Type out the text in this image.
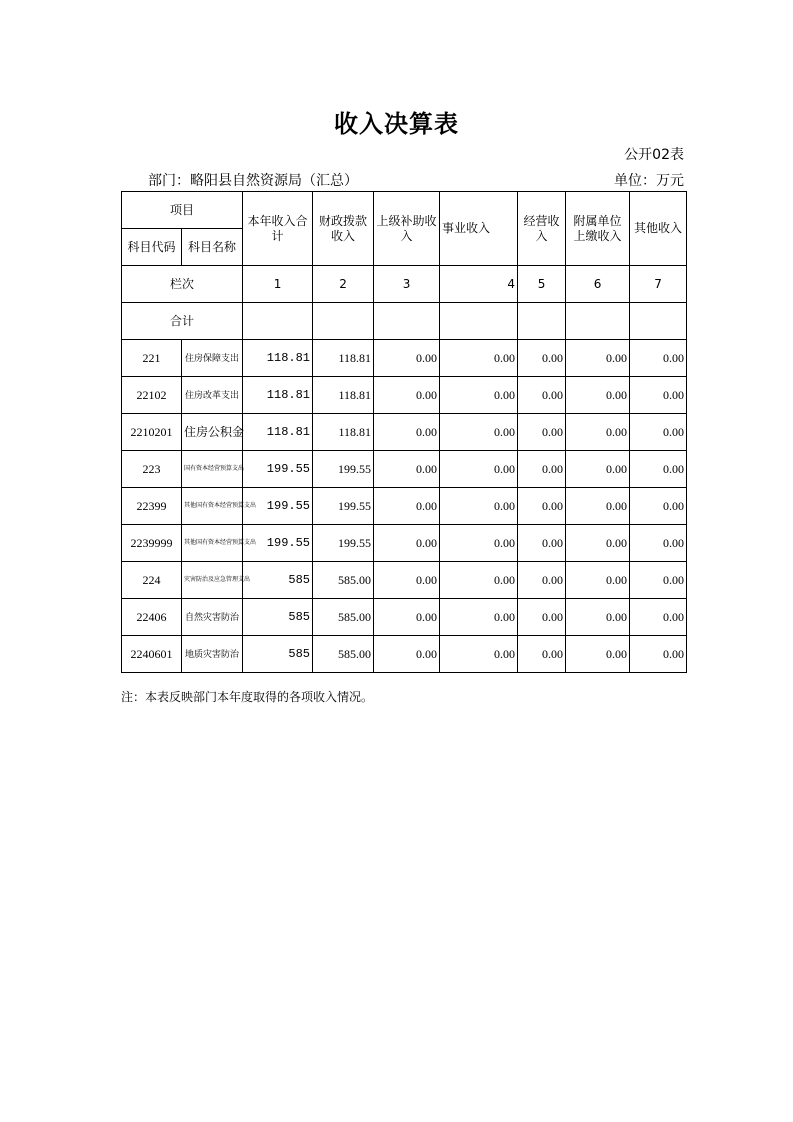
收入决算表
公开02表
部门：略阳县自然资源局（汇总）	单位：万元
项目		本年收入合计	财政拨款收入	上级补助收入	事业收入	经营收入	附属单位上缴收入	其他收入
科目代码	科目名称							
栏次		1	2	3	4	5	6	7
合计								
221	住房保障支出	118.81	118.81	0.00	0.00	0.00	0.00	0.00
22102	住房改革支出	118.81	118.81	0.00	0.00	0.00	0.00	0.00
2210201	住房公积金	118.81	118.81	0.00	0.00	0.00	0.00	0.00
223	国有资本经营预算支出	199.55	199.55	0.00	0.00	0.00	0.00	0.00
22399	其他国有资本经营预算支出	199.55	199.55	0.00	0.00	0.00	0.00	0.00
2239999	其他国有资本经营预算支出	199.55	199.55	0.00	0.00	0.00	0.00	0.00
224	灾害防治及应急管理支出	585	585.00	0.00	0.00	0.00	0.00	0.00
22406	自然灾害防治	585	585.00	0.00	0.00	0.00	0.00	0.00
2240601	地质灾害防治	585	585.00	0.00	0.00	0.00	0.00	0.00
注：本表反映部门本年度取得的各项收入情况。
